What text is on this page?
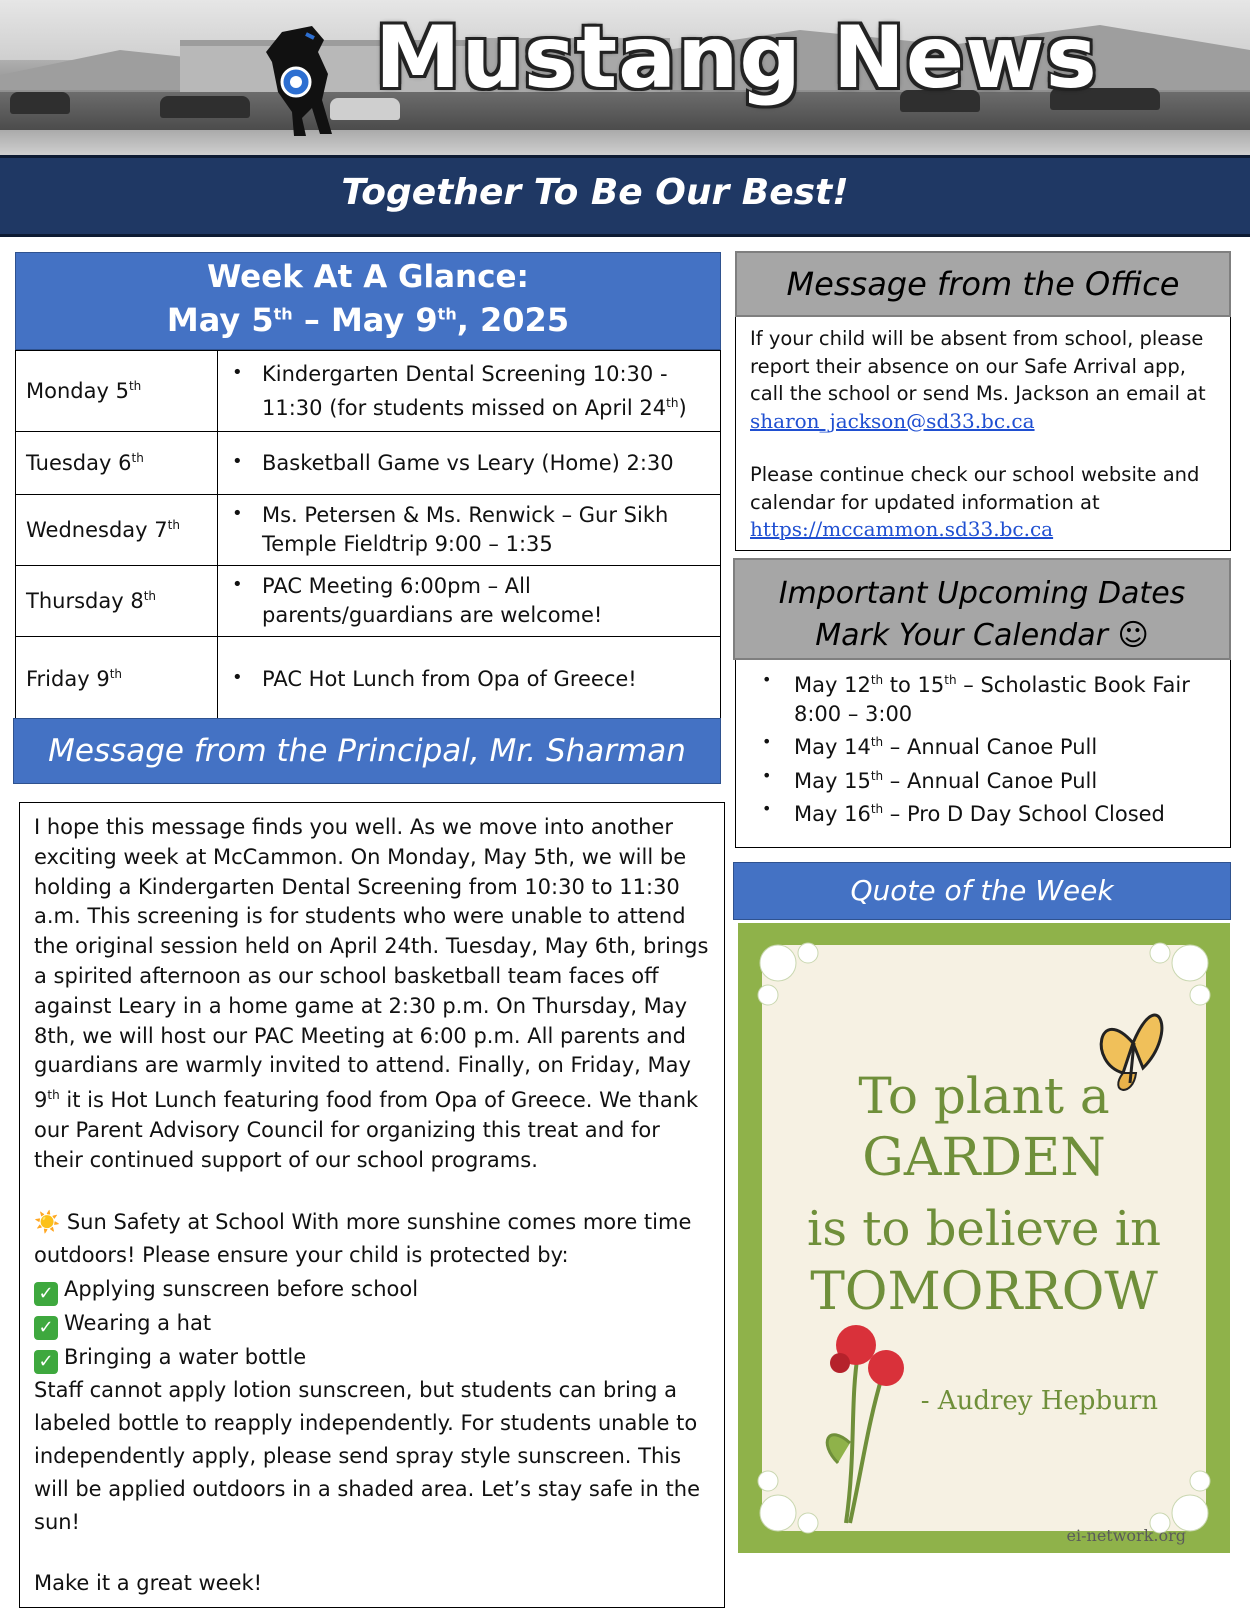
Mustang News
Together To Be Our Best!
Week At A Glance:
May 5th – May 9th, 2025
Monday 5th	• Kindergarten Dental Screening 10:30 - 11:30 (for students missed on April 24th)

Tuesday 6th	• Basketball Game vs Leary (Home) 2:30

Wednesday 7th	• Ms. Petersen & Ms. Renwick – Gur Sikh Temple Fieldtrip 9:00 – 1:35

Thursday 8th	• PAC Meeting 6:00pm – All parents/guardians are welcome!

Friday 9th	• PAC Hot Lunch from Opa of Greece!
Message from the Principal, Mr. Sharman

I hope this message finds you well. As we move into another exciting week at McCammon. On Monday, May 5th, we will be holding a Kindergarten Dental Screening from 10:30 to 11:30 a.m. This screening is for students who were unable to attend the original session held on April 24th. Tuesday, May 6th, brings a spirited afternoon as our school basketball team faces off against Leary in a home game at 2:30 p.m. On Thursday, May 8th, we will host our PAC Meeting at 6:00 p.m. All parents and guardians are warmly invited to attend. Finally, on Friday, May 9th it is Hot Lunch featuring food from Opa of Greece. We thank our Parent Advisory Council for organizing this treat and for their continued support of our school programs.

☀️ Sun Safety at School With more sunshine comes more time outdoors! Please ensure your child is protected by:

✓ Applying sunscreen before school

✓ Wearing a hat

✓ Bringing a water bottle

Staff cannot apply lotion sunscreen, but students can bring a labeled bottle to reapply independently. For students unable to independently apply, please send spray style sunscreen. This will be applied outdoors in a shaded area. Let’s stay safe in the sun!

Make it a great week!

Message from the Office

If your child will be absent from school, please report their absence on our Safe Arrival app, call the school or send Ms. Jackson an email at

sharon_jackson@sd33.bc.ca

Please continue check our school website and calendar for updated information at

https://mccammon.sd33.bc.ca
Important Upcoming Dates
Mark Your Calendar ☺
•	May 12th to 15th – Scholastic Book Fair 8:00 – 3:00
•	May 14th – Annual Canoe Pull
•	May 15th – Annual Canoe Pull
•	May 16th – Pro D Day School Closed
Quote of the Week
To plant a
GARDEN
is to believe in
TOMORROW
- Audrey Hepburn
ei-network.org
